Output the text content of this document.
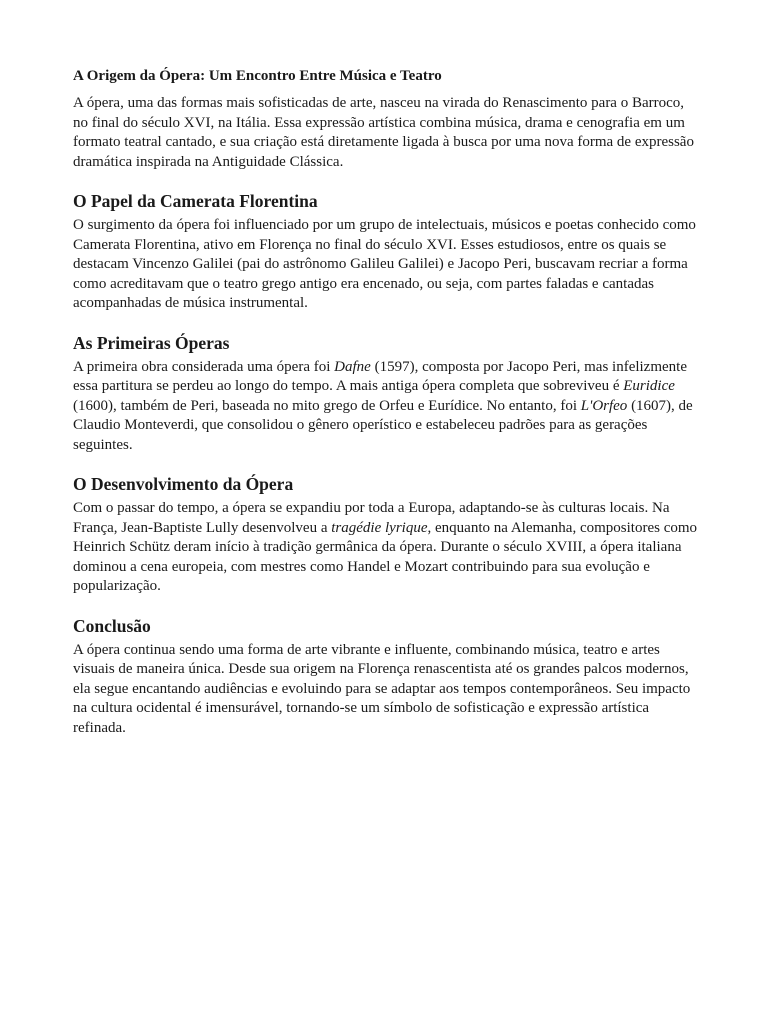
A Origem da Ópera: Um Encontro Entre Música e Teatro

A ópera, uma das formas mais sofisticadas de arte, nasceu na virada do Renascimento para o Barroco, no final do século XVI, na Itália. Essa expressão artística combina música, drama e cenografia em um formato teatral cantado, e sua criação está diretamente ligada à busca por uma nova forma de expressão dramática inspirada na Antiguidade Clássica.

O Papel da Camerata Florentina

O surgimento da ópera foi influenciado por um grupo de intelectuais, músicos e poetas conhecido como Camerata Florentina, ativo em Florença no final do século XVI. Esses estudiosos, entre os quais se destacam Vincenzo Galilei (pai do astrônomo Galileu Galilei) e Jacopo Peri, buscavam recriar a forma como acreditavam que o teatro grego antigo era encenado, ou seja, com partes faladas e cantadas acompanhadas de música instrumental.

As Primeiras Óperas

A primeira obra considerada uma ópera foi Dafne (1597), composta por Jacopo Peri, mas infelizmente essa partitura se perdeu ao longo do tempo. A mais antiga ópera completa que sobreviveu é Euridice (1600), também de Peri, baseada no mito grego de Orfeu e Eurídice. No entanto, foi L'Orfeo (1607), de Claudio Monteverdi, que consolidou o gênero operístico e estabeleceu padrões para as gerações seguintes.

O Desenvolvimento da Ópera

Com o passar do tempo, a ópera se expandiu por toda a Europa, adaptando-se às culturas locais. Na França, Jean-Baptiste Lully desenvolveu a tragédie lyrique, enquanto na Alemanha, compositores como Heinrich Schütz deram início à tradição germânica da ópera. Durante o século XVIII, a ópera italiana dominou a cena europeia, com mestres como Handel e Mozart contribuindo para sua evolução e popularização.

Conclusão

A ópera continua sendo uma forma de arte vibrante e influente, combinando música, teatro e artes visuais de maneira única. Desde sua origem na Florença renascentista até os grandes palcos modernos, ela segue encantando audiências e evoluindo para se adaptar aos tempos contemporâneos. Seu impacto na cultura ocidental é imensurável, tornando-se um símbolo de sofisticação e expressão artística refinada.
